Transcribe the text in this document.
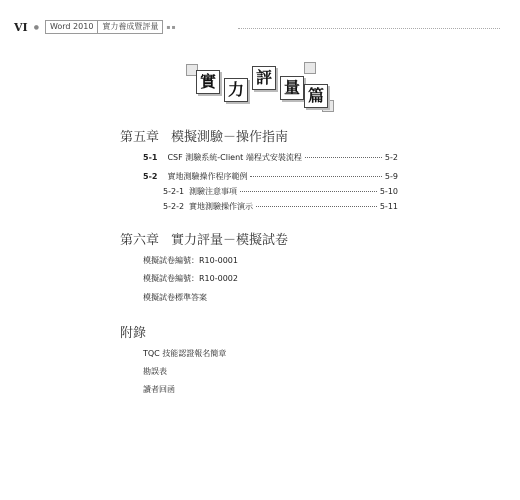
VI ●	Word 2010	實力養成暨評量	▪▪
實 力
評
量 篇
第五章 模擬測驗－操作指南
5-1 CSF 測驗系統-Client 端程式安裝流程	5-2
5-2 實地測驗操作程序範例	5-9
5-2-1 測驗注意事項	5-10
5-2-2 實地測驗操作演示	5-11
第六章 實力評量－模擬試卷
模擬試卷編號：R10-0001
模擬試卷編號：R10-0002
模擬試卷標準答案
附錄
TQC 技能認證報名簡章
勘誤表
讀者回函
